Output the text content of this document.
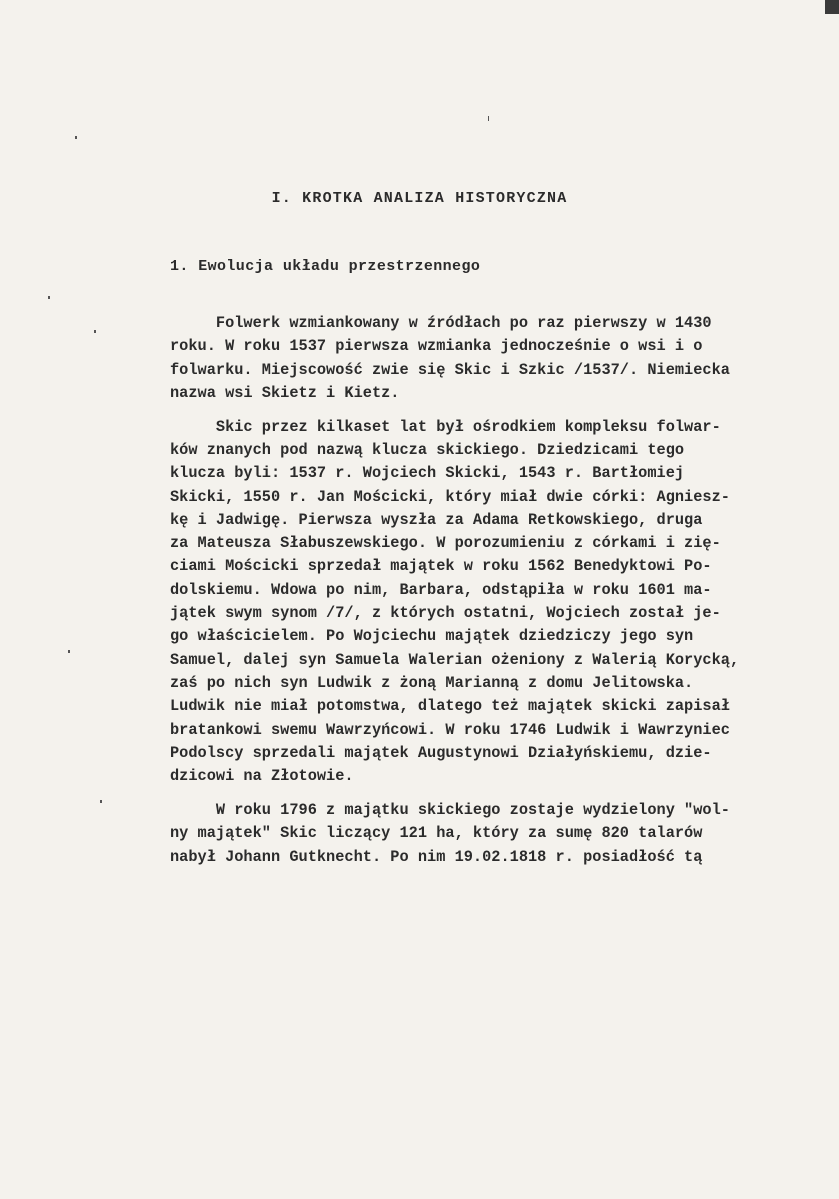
I. KROTKA ANALIZA HISTORYCZNA
1. Ewolucja układu przestrzennego
Folwerk wzmiankowany w źródłach po raz pierwszy w 1430
roku. W roku 1537 pierwsza wzmianka jednocześnie o wsi i o
folwarku. Miejscowość zwie się Skic i Szkic /1537/. Niemiecka
nazwa wsi Skietz i Kietz.
Skic przez kilkaset lat był ośrodkiem kompleksu folwar-
ków znanych pod nazwą klucza skickiego. Dziedzicami tego
klucza byli: 1537 r. Wojciech Skicki, 1543 r. Bartłomiej
Skicki, 1550 r. Jan Mościcki, który miał dwie córki: Agniesz-
kę i Jadwigę. Pierwsza wyszła za Adama Retkowskiego, druga
za Mateusza Słabuszewskiego. W porozumieniu z córkami i zię-
ciami Mościcki sprzedał majątek w roku 1562 Benedyktowi Po-
dolskiemu. Wdowa po nim, Barbara, odstąpiła w roku 1601 ma-
jątek swym synom /7/, z których ostatni, Wojciech został je-
go właścicielem. Po Wojciechu majątek dziedziczy jego syn
Samuel, dalej syn Samuela Walerian ożeniony z Walerią Korycką,
zaś po nich syn Ludwik z żoną Marianną z domu Jelitowska.
Ludwik nie miał potomstwa, dlatego też majątek skicki zapisał
bratankowi swemu Wawrzyńcowi. W roku 1746 Ludwik i Wawrzyniec
Podolscy sprzedali majątek Augustynowi Działyńskiemu, dzie-
dzicowi na Złotowie.
W roku 1796 z majątku skickiego zostaje wydzielony "wol-
ny majątek" Skic liczący 121 ha, który za sumę 820 talarów
nabył Johann Gutknecht. Po nim 19.02.1818 r. posiadłość tą
